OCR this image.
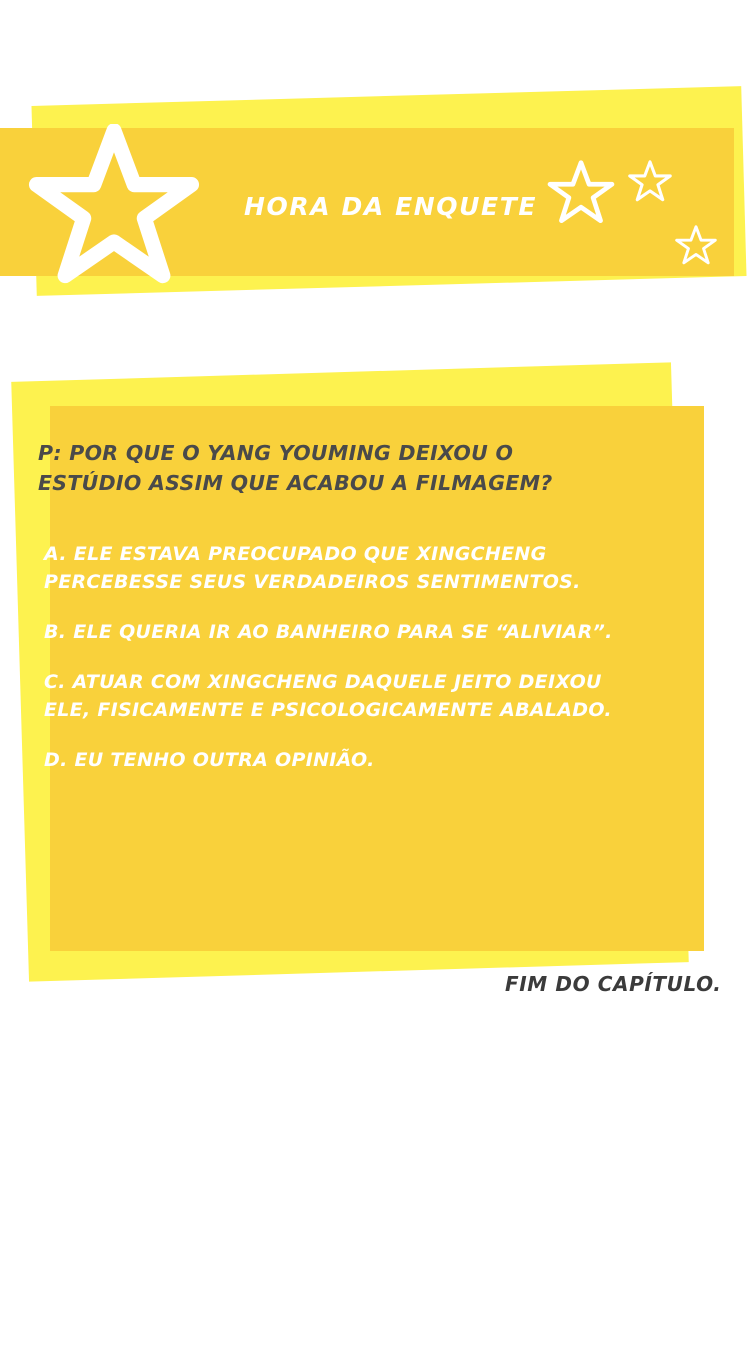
HORA DA ENQUETE
P: POR QUE O YANG YOUMING DEIXOU O ESTÚDIO ASSIM QUE ACABOU A FILMAGEM?
A. ELE ESTAVA PREOCUPADO QUE XINGCHENG PERCEBESSE SEUS VERDADEIROS SENTIMENTOS.
B. ELE QUERIA IR AO BANHEIRO PARA SE “ALIVIAR”.
C. ATUAR COM XINGCHENG DAQUELE JEITO DEIXOU ELE, FISICAMENTE E PSICOLOGICAMENTE ABALADO.
D. EU TENHO OUTRA OPINIÃO.
FIM DO CAPÍTULO.
